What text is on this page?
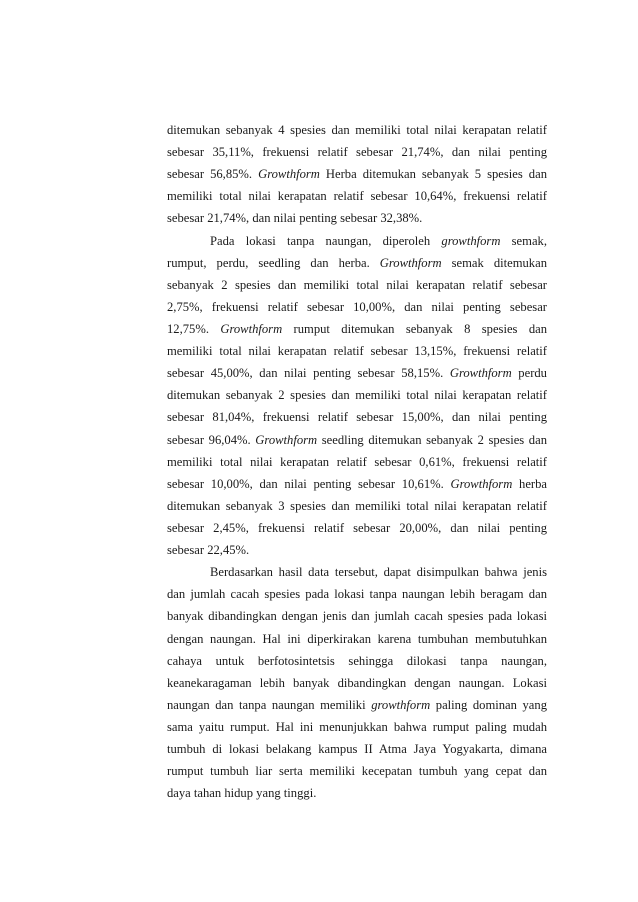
ditemukan sebanyak 4 spesies dan memiliki total nilai kerapatan relatif
sebesar 35,11%, frekuensi relatif sebesar 21,74%, dan nilai penting
sebesar 56,85%. Growthform Herba ditemukan sebanyak 5 spesies dan
memiliki total nilai kerapatan relatif sebesar 10,64%, frekuensi relatif
sebesar 21,74%, dan nilai penting sebesar 32,38%.
Pada lokasi tanpa naungan, diperoleh growthform semak,
rumput, perdu, seedling dan herba. Growthform semak ditemukan
sebanyak 2 spesies dan memiliki total nilai kerapatan relatif sebesar
2,75%, frekuensi relatif sebesar 10,00%, dan nilai penting sebesar
12,75%. Growthform rumput ditemukan sebanyak 8 spesies dan
memiliki total nilai kerapatan relatif sebesar 13,15%, frekuensi relatif
sebesar 45,00%, dan nilai penting sebesar 58,15%. Growthform perdu
ditemukan sebanyak 2 spesies dan memiliki total nilai kerapatan relatif
sebesar 81,04%, frekuensi relatif sebesar 15,00%, dan nilai penting
sebesar 96,04%. Growthform seedling ditemukan sebanyak 2 spesies dan
memiliki total nilai kerapatan relatif sebesar 0,61%, frekuensi relatif
sebesar 10,00%, dan nilai penting sebesar 10,61%. Growthform herba
ditemukan sebanyak 3 spesies dan memiliki total nilai kerapatan relatif
sebesar 2,45%, frekuensi relatif sebesar 20,00%, dan nilai penting
sebesar 22,45%.
Berdasarkan hasil data tersebut, dapat disimpulkan bahwa jenis
dan jumlah cacah spesies pada lokasi tanpa naungan lebih beragam dan
banyak dibandingkan dengan jenis dan jumlah cacah spesies pada lokasi
dengan naungan. Hal ini diperkirakan karena tumbuhan membutuhkan
cahaya untuk berfotosintetsis sehingga dilokasi tanpa naungan,
keanekaragaman lebih banyak dibandingkan dengan naungan. Lokasi
naungan dan tanpa naungan memiliki growthform paling dominan yang
sama yaitu rumput. Hal ini menunjukkan bahwa rumput paling mudah
tumbuh di lokasi belakang kampus II Atma Jaya Yogyakarta, dimana
rumput tumbuh liar serta memiliki kecepatan tumbuh yang cepat dan
daya tahan hidup yang tinggi.
